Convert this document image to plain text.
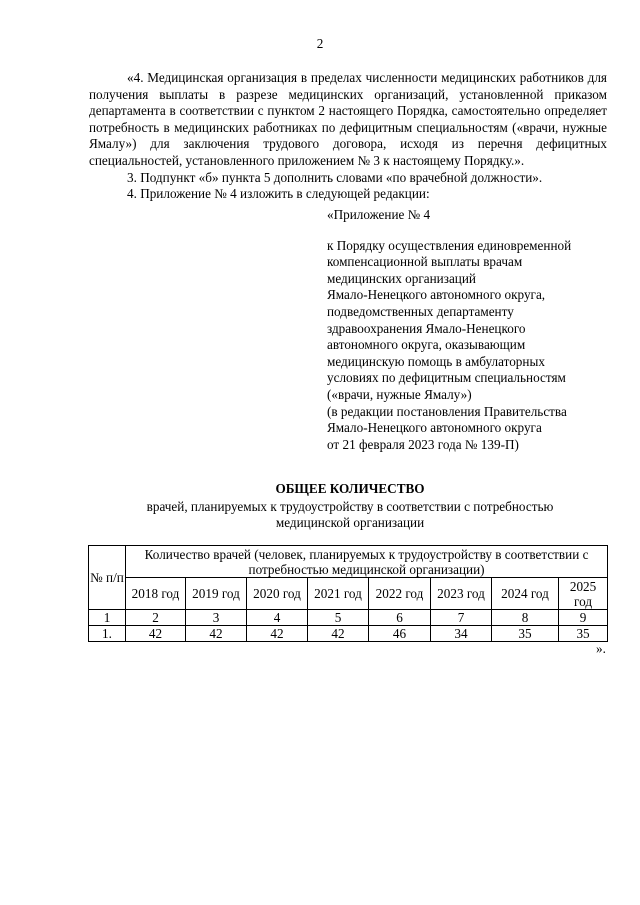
2

«4. Медицинская организация в пределах численности медицинских работников для получения выплаты в разрезе медицинских организаций, установленной приказом департамента в соответствии с пунктом 2 настоящего Порядка, самостоятельно определяет потребность в медицинских работниках по дефицитным специальностям («врачи, нужные Ямалу») для заключения трудового договора, исходя из перечня дефицитных специальностей, установленного приложением № 3 к настоящему Порядку.».

3. Подпункт «б» пункта 5 дополнить словами «по врачебной должности».

4. Приложение № 4 изложить в следующей редакции:

«Приложение № 4

к Порядку осуществления единовременной

компенсационной выплаты врачам

медицинских организаций

Ямало-Ненецкого автономного округа,

подведомственных департаменту

здравоохранения Ямало-Ненецкого

автономного округа, оказывающим

медицинскую помощь в амбулаторных

условиях по дефицитным специальностям

(«врачи, нужные Ямалу»)

(в редакции постановления Правительства

Ямало-Ненецкого автономного округа

от 21 февраля 2023 года № 139-П)

ОБЩЕЕ КОЛИЧЕСТВО
врачей, планируемых к трудоустройству в соответствии с потребностью
медицинской организации
№ п/п	Количество врачей (человек, планируемых к трудоустройству в соответствии с потребностью медицинской организации)							
	2018 год	2019 год	2020 год	2021 год	2022 год	2023 год	2024 год	2025 год
1	2	3	4	5	6	7	8	9
1.	42	42	42	42	46	34	35	35
».
